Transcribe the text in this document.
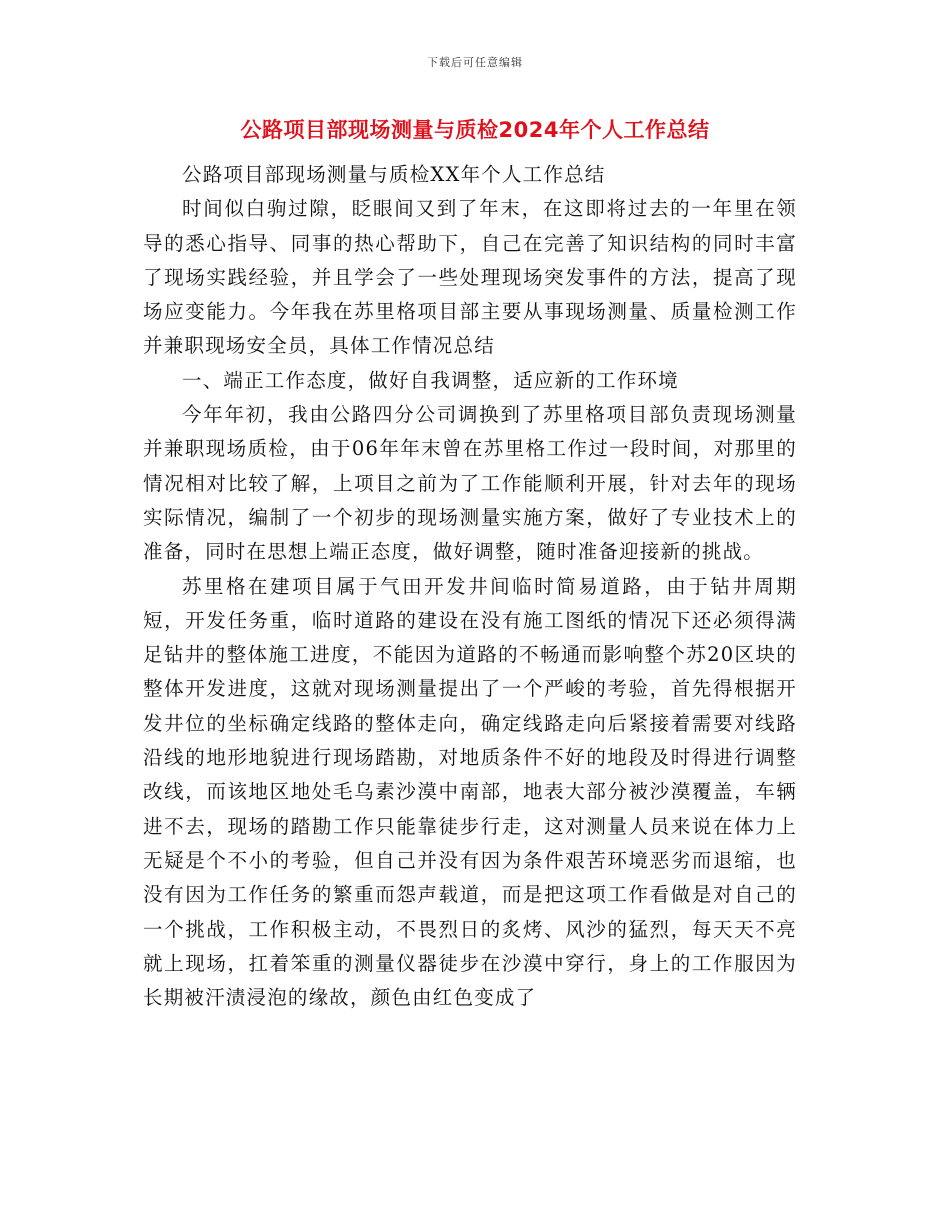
下载后可任意编辑
公路项目部现场测量与质检2024年个人工作总结

公路项目部现场测量与质检XX年个人工作总结

时间似白驹过隙，眨眼间又到了年末，在这即将过去的一年里在领导的悉心指导、同事的热心帮助下，自己在完善了知识结构的同时丰富了现场实践经验，并且学会了一些处理现场突发事件的方法，提高了现场应变能力。今年我在苏里格项目部主要从事现场测量、质量检测工作并兼职现场安全员，具体工作情况总结

一、端正工作态度，做好自我调整，适应新的工作环境

今年年初，我由公路四分公司调换到了苏里格项目部负责现场测量并兼职现场质检，由于06年年末曾在苏里格工作过一段时间，对那里的情况相对比较了解，上项目之前为了工作能顺利开展，针对去年的现场实际情况，编制了一个初步的现场测量实施方案，做好了专业技术上的准备，同时在思想上端正态度，做好调整，随时准备迎接新的挑战。

苏里格在建项目属于气田开发井间临时简易道路，由于钻井周期短，开发任务重，临时道路的建设在没有施工图纸的情况下还必须得满足钻井的整体施工进度，不能因为道路的不畅通而影响整个苏20区块的整体开发进度，这就对现场测量提出了一个严峻的考验，首先得根据开发井位的坐标确定线路的整体走向，确定线路走向后紧接着需要对线路沿线的地形地貌进行现场踏勘，对地质条件不好的地段及时得进行调整改线，而该地区地处毛乌素沙漠中南部，地表大部分被沙漠覆盖，车辆进不去，现场的踏勘工作只能靠徒步行走，这对测量人员来说在体力上无疑是个不小的考验，但自己并没有因为条件艰苦环境恶劣而退缩，也没有因为工作任务的繁重而怨声载道，而是把这项工作看做是对自己的一个挑战，工作积极主动，不畏烈日的炙烤、风沙的猛烈，每天天不亮就上现场，扛着笨重的测量仪器徒步在沙漠中穿行，身上的工作服因为长期被汗渍浸泡的缘故，颜色由红色变成了
